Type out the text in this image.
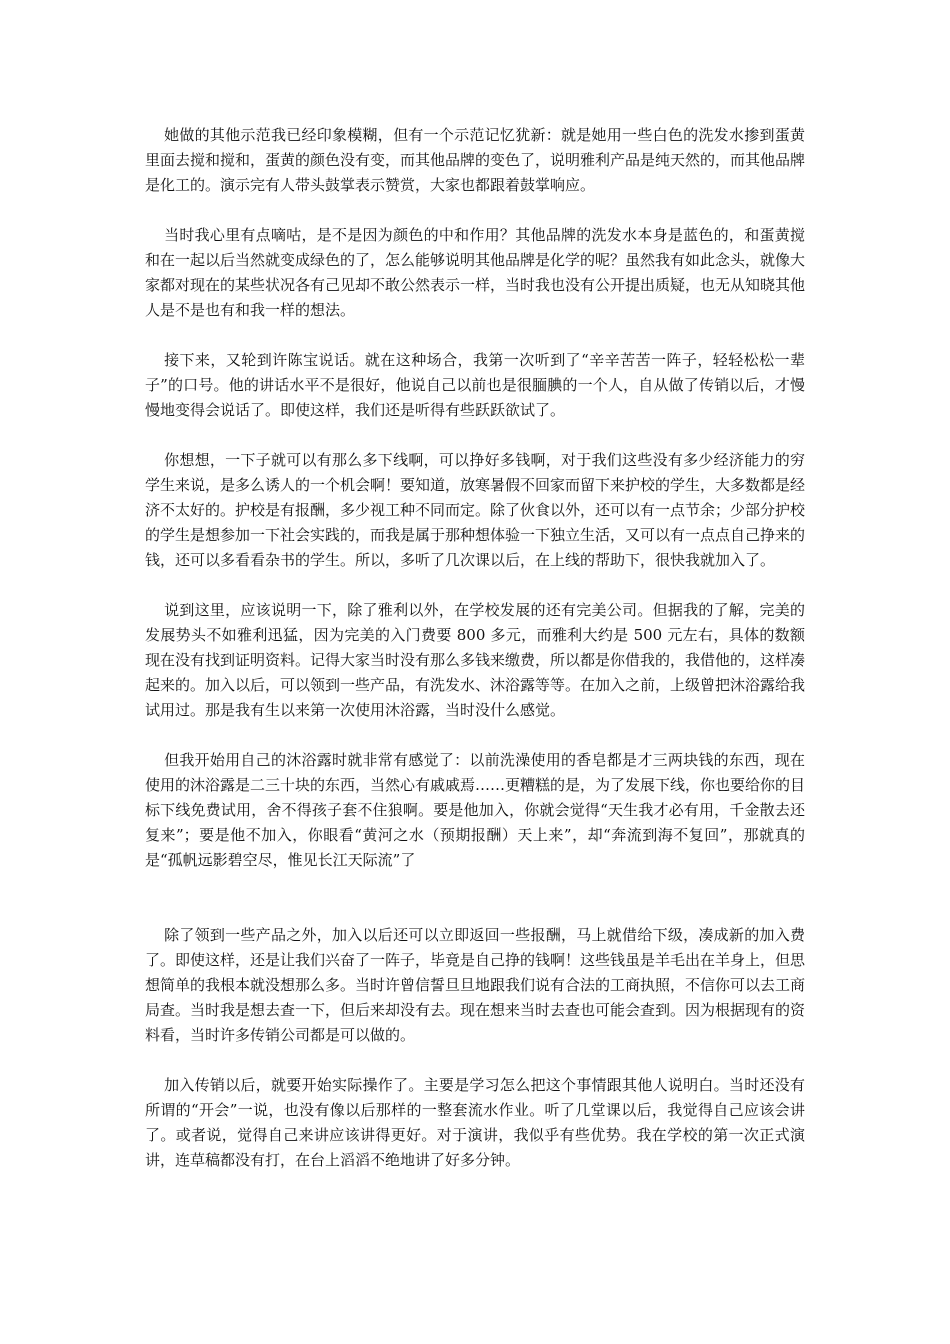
她做的其他示范我已经印象模糊，但有一个示范记忆犹新：就是她用一些白色的洗发水掺到蛋黄里面去搅和搅和，蛋黄的颜色没有变，而其他品牌的变色了，说明雅利产品是纯天然的，而其他品牌是化工的。演示完有人带头鼓掌表示赞赏，大家也都跟着鼓掌响应。

当时我心里有点嘀咕，是不是因为颜色的中和作用？其他品牌的洗发水本身是蓝色的，和蛋黄搅和在一起以后当然就变成绿色的了，怎么能够说明其他品牌是化学的呢？虽然我有如此念头，就像大家都对现在的某些状况各有己见却不敢公然表示一样，当时我也没有公开提出质疑，也无从知晓其他人是不是也有和我一样的想法。

接下来，又轮到许陈宝说话。就在这种场合，我第一次听到了“辛辛苦苦一阵子，轻轻松松一辈子”的口号。他的讲话水平不是很好，他说自己以前也是很腼腆的一个人，自从做了传销以后，才慢慢地变得会说话了。即使这样，我们还是听得有些跃跃欲试了。

你想想，一下子就可以有那么多下线啊，可以挣好多钱啊，对于我们这些没有多少经济能力的穷学生来说，是多么诱人的一个机会啊！要知道，放寒暑假不回家而留下来护校的学生，大多数都是经济不太好的。护校是有报酬，多少视工种不同而定。除了伙食以外，还可以有一点节余；少部分护校的学生是想参加一下社会实践的，而我是属于那种想体验一下独立生活，又可以有一点点自己挣来的钱，还可以多看看杂书的学生。所以，多听了几次课以后，在上线的帮助下，很快我就加入了。

说到这里，应该说明一下，除了雅利以外，在学校发展的还有完美公司。但据我的了解，完美的发展势头不如雅利迅猛，因为完美的入门费要 800 多元，而雅利大约是 500 元左右，具体的数额现在没有找到证明资料。记得大家当时没有那么多钱来缴费，所以都是你借我的，我借他的，这样凑起来的。加入以后，可以领到一些产品，有洗发水、沐浴露等等。在加入之前，上级曾把沐浴露给我试用过。那是我有生以来第一次使用沐浴露，当时没什么感觉。

但我开始用自己的沐浴露时就非常有感觉了：以前洗澡使用的香皂都是才三两块钱的东西，现在使用的沐浴露是二三十块的东西，当然心有戚戚焉……更糟糕的是，为了发展下线，你也要给你的目标下线免费试用，舍不得孩子套不住狼啊。要是他加入，你就会觉得“天生我才必有用，千金散去还复来”；要是他不加入，你眼看“黄河之水（预期报酬）天上来”，却“奔流到海不复回”，那就真的是“孤帆远影碧空尽，惟见长江天际流”了

除了领到一些产品之外，加入以后还可以立即返回一些报酬，马上就借给下级，凑成新的加入费了。即使这样，还是让我们兴奋了一阵子，毕竟是自己挣的钱啊！这些钱虽是羊毛出在羊身上，但思想简单的我根本就没想那么多。当时许曾信誓旦旦地跟我们说有合法的工商执照，不信你可以去工商局查。当时我是想去查一下，但后来却没有去。现在想来当时去查也可能会查到。因为根据现有的资料看，当时许多传销公司都是可以做的。

加入传销以后，就要开始实际操作了。主要是学习怎么把这个事情跟其他人说明白。当时还没有所谓的“开会”一说，也没有像以后那样的一整套流水作业。听了几堂课以后，我觉得自己应该会讲了。或者说，觉得自己来讲应该讲得更好。对于演讲，我似乎有些优势。我在学校的第一次正式演讲，连草稿都没有打，在台上滔滔不绝地讲了好多分钟。
